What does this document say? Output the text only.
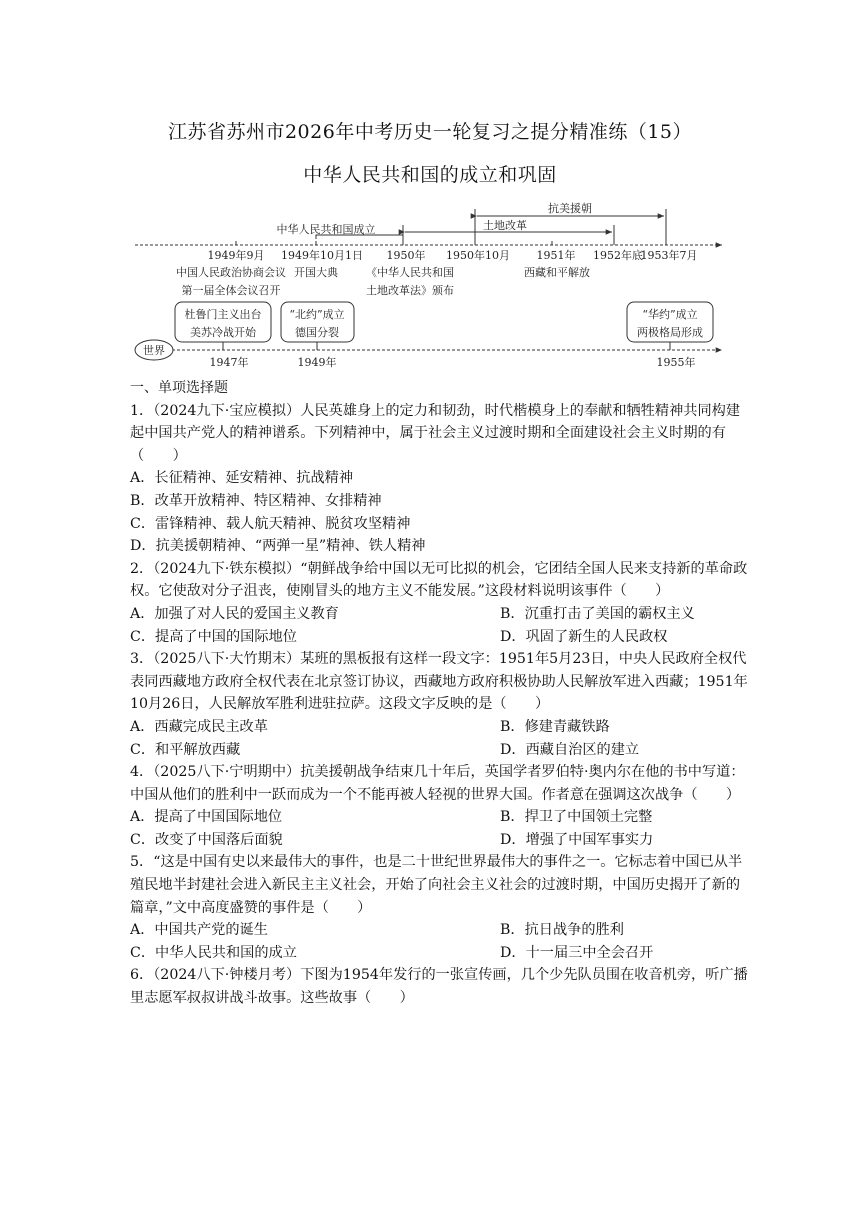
江苏省苏州市2026年中考历史一轮复习之提分精准练（15）
中华人民共和国的成立和巩固
中华人民共和国成立
抗美援朝
土地改革
1949年9月 1949年10月1日 1950年 1950年10月 1951年 1952年底
1953年7月
中国人民政治协商会议
第一届全体会议召开
开国大典	《中华人民共和国
土地改革法》颁布
西藏和平解放
世界
杜鲁门主义出台
美苏冷战开始
“北约”成立
德国分裂
“华约”成立
两极格局形成
1947年	1949年	1955年
一、单项选择题
1．（2024九下·宝应模拟）人民英雄身上的定力和韧劲，时代楷模身上的奉献和牺牲精神共同构建起中国共产党人的精神谱系。下列精神中，属于社会主义过渡时期和全面建设社会主义时期的有（　　）
A．长征精神、延安精神、抗战精神
B．改革开放精神、特区精神、女排精神
C．雷锋精神、载人航天精神、脱贫攻坚精神
D．抗美援朝精神、“两弹一星”精神、铁人精神
2．（2024九下·铁东模拟）“朝鲜战争给中国以无可比拟的机会，它团结全国人民来支持新的革命政权。它使敌对分子沮丧，使刚冒头的地方主义不能发展。”这段材料说明该事件（　　）
A．加强了对人民的爱国主义教育	B．沉重打击了美国的霸权主义
C．提高了中国的国际地位	D．巩固了新生的人民政权
3．（2025八下·大竹期末）某班的黑板报有这样一段文字：1951年5月23日，中央人民政府全权代表同西藏地方政府全权代表在北京签订协议，西藏地方政府积极协助人民解放军进入西藏；1951年10月26日，人民解放军胜利进驻拉萨。这段文字反映的是（　　）
A．西藏完成民主改革	B．修建青藏铁路
C．和平解放西藏	D．西藏自治区的建立
4．（2025八下·宁明期中）抗美援朝战争结束几十年后，英国学者罗伯特·奥内尔在他的书中写道：中国从他们的胜利中一跃而成为一个不能再被人轻视的世界大国。作者意在强调这次战争（　　）
A．提高了中国国际地位	B．捍卫了中国领土完整
C．改变了中国落后面貌	D．增强了中国军事实力
5．“这是中国有史以来最伟大的事件，也是二十世纪世界最伟大的事件之一。它标志着中国已从半殖民地半封建社会进入新民主主义社会，开始了向社会主义社会的过渡时期，中国历史揭开了新的篇章，”文中高度盛赞的事件是（　　）
A．中国共产党的诞生	B．抗日战争的胜利
C．中华人民共和国的成立	D．十一届三中全会召开
6．（2024八下·钟楼月考）下图为1954年发行的一张宣传画，几个少先队员围在收音机旁，听广播里志愿军叔叔讲战斗故事。这些故事（　　）
